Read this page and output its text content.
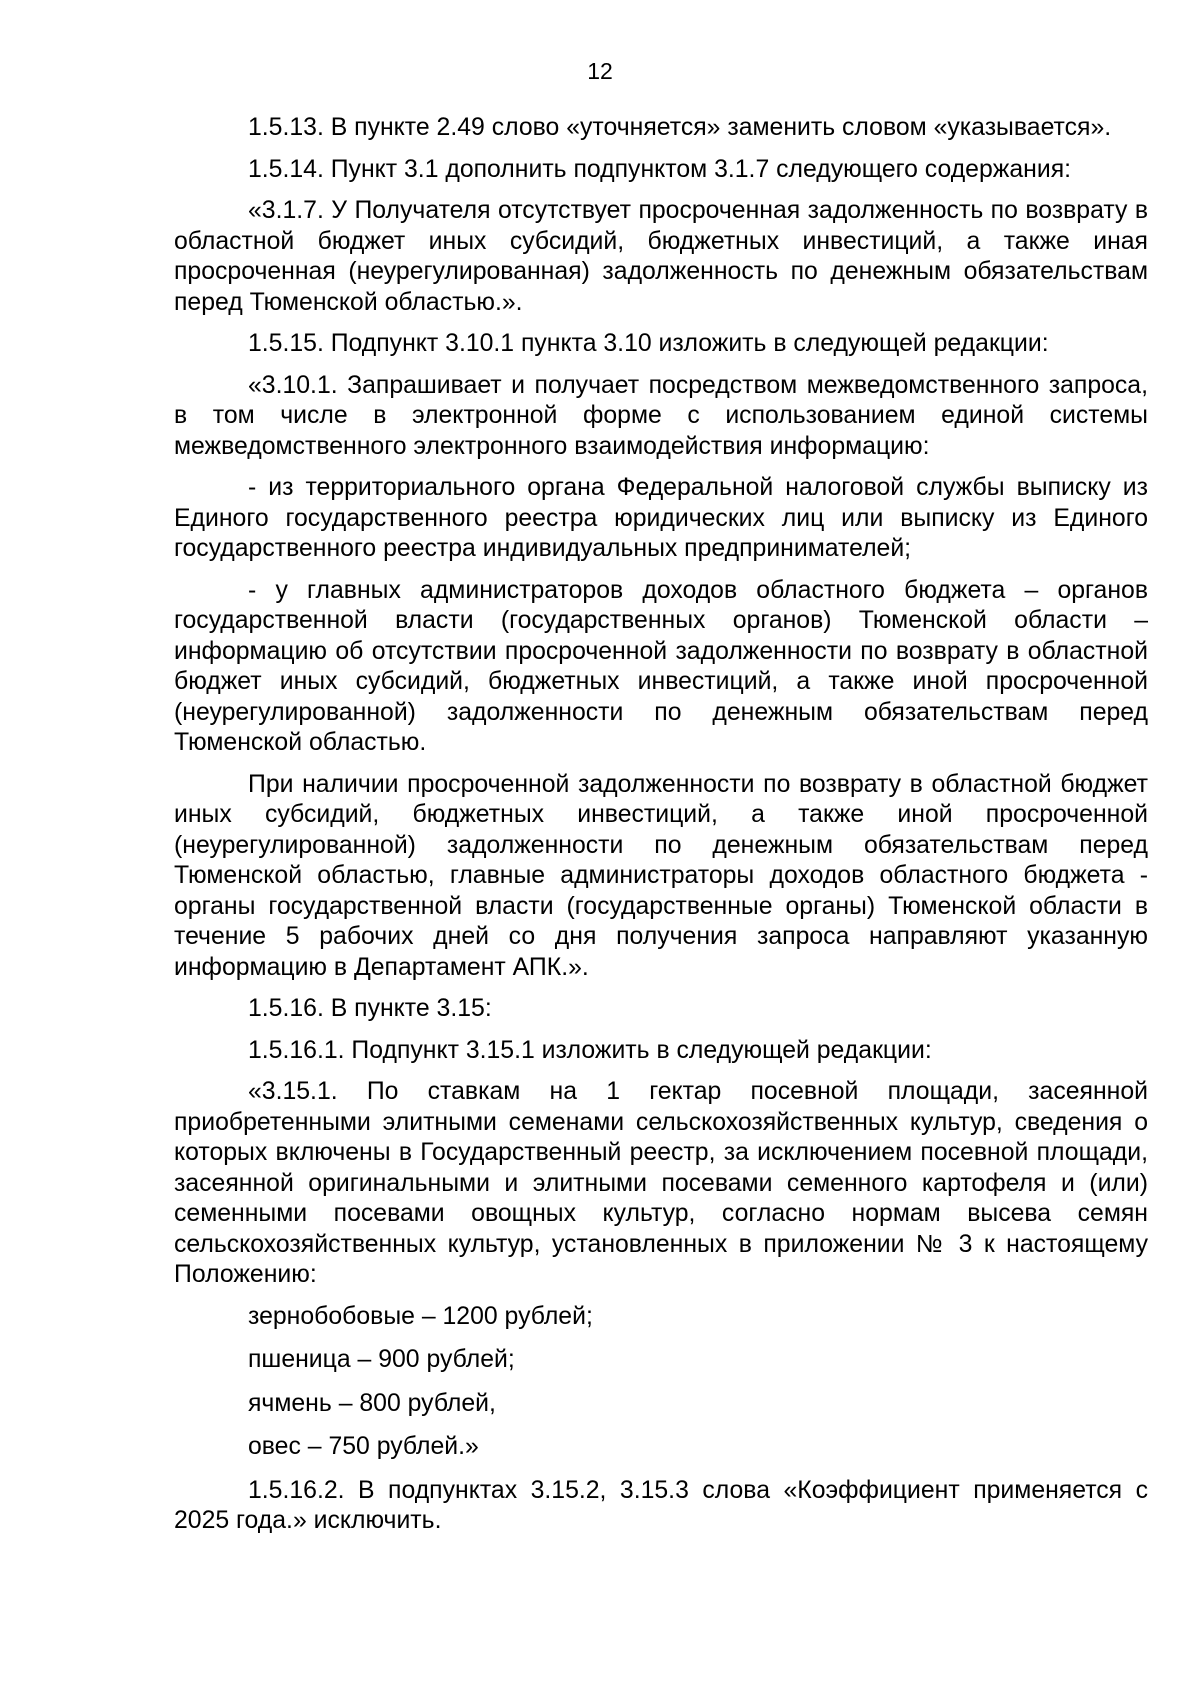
12

1.5.13. В пункте 2.49 слово «уточняется» заменить словом «указывается».

1.5.14. Пункт 3.1 дополнить подпунктом 3.1.7 следующего содержания:

«3.1.7. У Получателя отсутствует просроченная задолженность по возврату в областной бюджет иных субсидий, бюджетных инвестиций, а также иная просроченная (неурегулированная) задолженность по денежным обязательствам перед Тюменской областью.».

1.5.15. Подпункт 3.10.1 пункта 3.10 изложить в следующей редакции:

«3.10.1. Запрашивает и получает посредством межведомственного запроса, в том числе в электронной форме с использованием единой системы межведомственного электронного взаимодействия информацию:

- из территориального органа Федеральной налоговой службы выписку из Единого государственного реестра юридических лиц или выписку из Единого государственного реестра индивидуальных предпринимателей;

- у главных администраторов доходов областного бюджета – органов государственной власти (государственных органов) Тюменской области – информацию об отсутствии просроченной задолженности по возврату в областной бюджет иных субсидий, бюджетных инвестиций, а также иной просроченной (неурегулированной) задолженности по денежным обязательствам перед Тюменской областью.

При наличии просроченной задолженности по возврату в областной бюджет иных субсидий, бюджетных инвестиций, а также иной просроченной (неурегулированной) задолженности по денежным обязательствам перед Тюменской областью, главные администраторы доходов областного бюджета - органы государственной власти (государственные органы) Тюменской области в течение 5 рабочих дней со дня получения запроса направляют указанную информацию в Департамент АПК.».

1.5.16. В пункте 3.15:

1.5.16.1. Подпункт 3.15.1 изложить в следующей редакции:

«3.15.1. По ставкам на 1 гектар посевной площади, засеянной приобретенными элитными семенами сельскохозяйственных культур, сведения о которых включены в Государственный реестр, за исключением посевной площади, засеянной оригинальными и элитными посевами семенного картофеля и (или) семенными посевами овощных культур, согласно нормам высева семян сельскохозяйственных культур, установленных в приложении № 3 к настоящему Положению:

зернобобовые – 1200 рублей;

пшеница – 900 рублей;

ячмень – 800 рублей,

овес – 750 рублей.»

1.5.16.2. В подпунктах 3.15.2, 3.15.3 слова «Коэффициент применяется с 2025 года.» исключить.
